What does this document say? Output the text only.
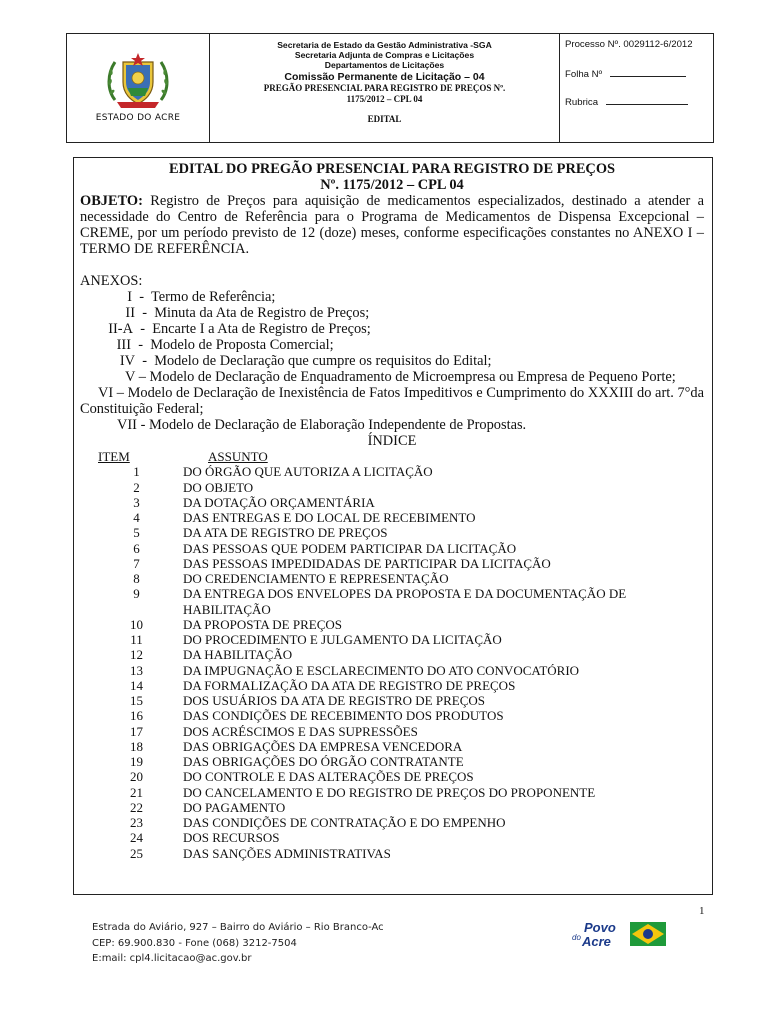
ESTADO DO ACRE
Secretaria de Estado da Gestão Administrativa -SGA
Secretaria Adjunta de Compras e Licitações
Departamentos de Licitações
Comissão Permanente de Licitação – 04
PREGÃO PRESENCIAL PARA REGISTRO DE PREÇOS Nº.
1175/2012 – CPL 04
EDITAL
Processo Nº. 0029112-6/2012
Folha Nº
Rubrica
EDITAL DO PREGÃO PRESENCIAL PARA REGISTRO DE PREÇOS
Nº. 1175/2012 – CPL 04
OBJETO: Registro de Preços para aquisição de medicamentos especializados, destinado a atender a necessidade do Centro de Referência para o Programa de Medicamentos de Dispensa Excepcional – CREME, por um período previsto de 12 (doze) meses, conforme especificações constantes no ANEXO I – TERMO DE REFERÊNCIA.
ANEXOS:
I  -  Termo de Referência;
II  -  Minuta da Ata de Registro de Preços;
II-A  -  Encarte I a Ata de Registro de Preços;
III  -  Modelo de Proposta Comercial;
IV  -  Modelo de Declaração que cumpre os requisitos do Edital;
V – Modelo de Declaração de Enquadramento de Microempresa ou Empresa de Pequeno Porte;
VI – Modelo de Declaração de Inexistência de Fatos Impeditivos e Cumprimento do XXXIII do art. 7°da Constituição Federal;
VII - Modelo de Declaração de Elaboração Independente de Propostas.
ÍNDICE
ITEM	ASSUNTO
1	DO ÓRGÃO QUE AUTORIZA A LICITAÇÃO
2	DO OBJETO
3	DA DOTAÇÃO ORÇAMENTÁRIA
4	DAS ENTREGAS E DO LOCAL DE RECEBIMENTO
5	DA ATA DE REGISTRO DE PREÇOS
6	DAS PESSOAS QUE PODEM PARTICIPAR DA LICITAÇÃO
7	DAS PESSOAS IMPEDIDADAS DE PARTICIPAR DA LICITAÇÃO
8	DO CREDENCIAMENTO E REPRESENTAÇÃO
9	DA ENTREGA DOS ENVELOPES DA PROPOSTA E DA DOCUMENTAÇÃO DE HABILITAÇÃO
10	DA PROPOSTA DE PREÇOS
11	DO PROCEDIMENTO E JULGAMENTO DA LICITAÇÃO
12	DA HABILITAÇÃO
13	DA IMPUGNAÇÃO E ESCLARECIMENTO DO ATO CONVOCATÓRIO
14	DA FORMALIZAÇÃO DA ATA DE REGISTRO DE PREÇOS
15	DOS USUÁRIOS DA ATA DE REGISTRO DE PREÇOS
16	DAS CONDIÇÕES DE RECEBIMENTO DOS PRODUTOS
17	DOS ACRÉSCIMOS E DAS SUPRESSÕES
18	DAS OBRIGAÇÕES DA EMPRESA VENCEDORA
19	DAS OBRIGAÇÕES DO ÓRGÃO CONTRATANTE
20	DO CONTROLE E DAS ALTERAÇÕES DE PREÇOS
21	DO CANCELAMENTO E DO REGISTRO DE PREÇOS DO PROPONENTE
22	DO PAGAMENTO
23	DAS CONDIÇÕES DE CONTRATAÇÃO E DO EMPENHO
24	DOS RECURSOS
25	DAS SANÇÕES ADMINISTRATIVAS
1
Estrada do Aviário, 927 – Bairro do Aviário – Rio Branco-Ac
CEP: 69.900.830 - Fone (068) 3212-7504
E:mail: cpl4.licitacao@ac.gov.br
Povo
do Acre
